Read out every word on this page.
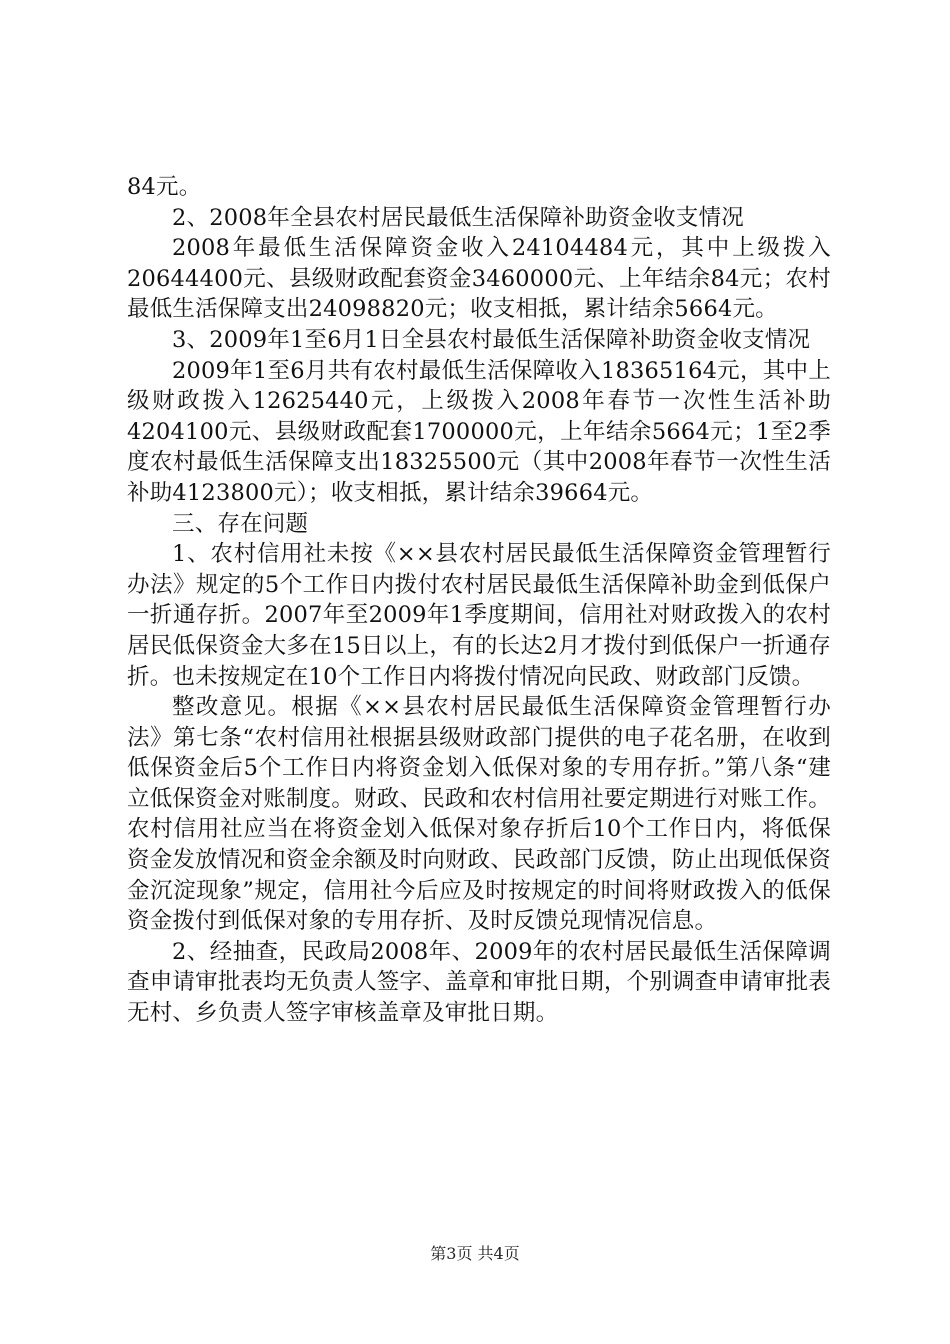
84元。

2、2008年全县农村居民最低生活保障补助资金收支情况

2008年最低生活保障资金收入24104484元，其中上级拨入20644400元、县级财政配套资金3460000元、上年结余84元；农村最低生活保障支出24098820元；收支相抵，累计结余5664元。

3、2009年1至6月1日全县农村最低生活保障补助资金收支情况

2009年1至6月共有农村最低生活保障收入18365164元，其中上级财政拨入12625440元，上级拨入2008年春节一次性生活补助4204100元、县级财政配套1700000元，上年结余5664元；1至2季度农村最低生活保障支出18325500元（其中2008年春节一次性生活补助4123800元）；收支相抵，累计结余39664元。

三、存在问题

1、农村信用社未按《××县农村居民最低生活保障资金管理暂行办法》规定的5个工作日内拨付农村居民最低生活保障补助金到低保户一折通存折。2007年至2009年1季度期间，信用社对财政拨入的农村居民低保资金大多在15日以上，有的长达2月才拨付到低保户一折通存折。也未按规定在10个工作日内将拨付情况向民政、财政部门反馈。

整改意见。根据《××县农村居民最低生活保障资金管理暂行办法》第七条“农村信用社根据县级财政部门提供的电子花名册，在收到低保资金后5个工作日内将资金划入低保对象的专用存折。”第八条“建立低保资金对账制度。财政、民政和农村信用社要定期进行对账工作。农村信用社应当在将资金划入低保对象存折后10个工作日内，将低保资金发放情况和资金余额及时向财政、民政部门反馈，防止出现低保资金沉淀现象”规定，信用社今后应及时按规定的时间将财政拨入的低保资金拨付到低保对象的专用存折、及时反馈兑现情况信息。

2、经抽查，民政局2008年、2009年的农村居民最低生活保障调查申请审批表均无负责人签字、盖章和审批日期，个别调查申请审批表无村、乡负责人签字审核盖章及审批日期。

第3页 共4页
